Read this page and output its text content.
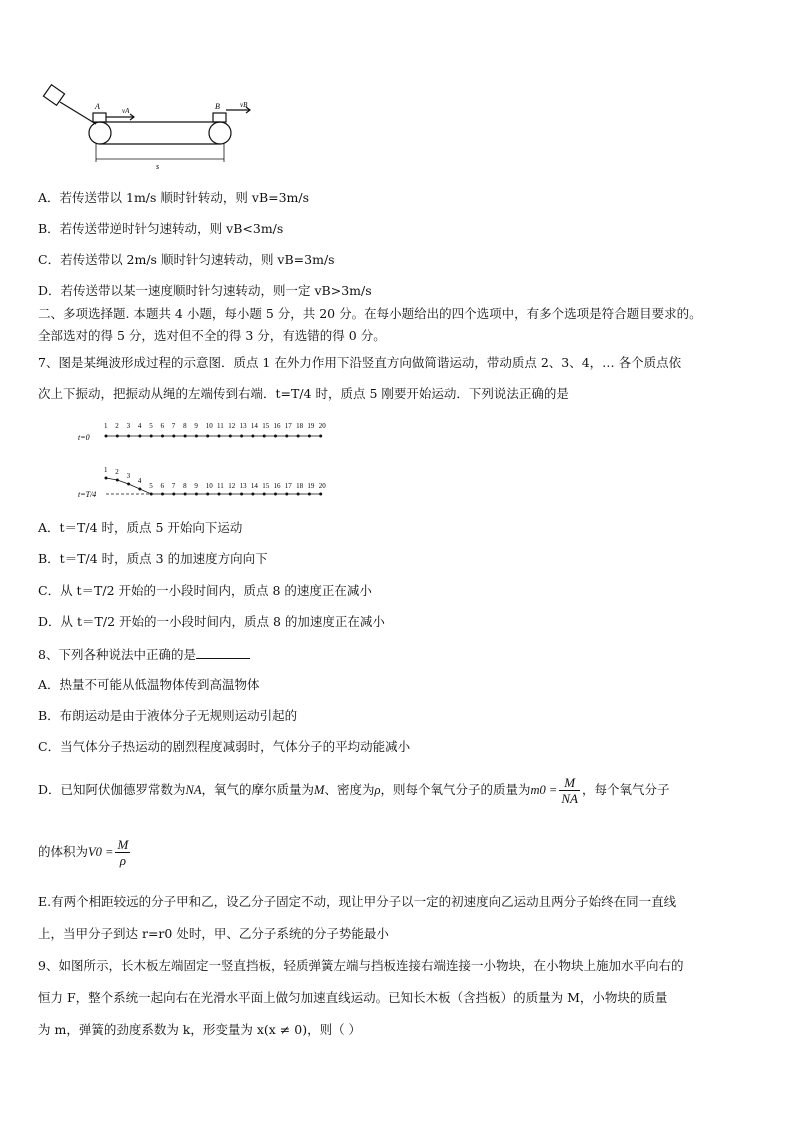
A	vA	B	vB
s
A．若传送带以 1m/s 顺时针转动，则 vB=3m/s
B．若传送带逆时针匀速转动，则 vB<3m/s
C．若传送带以 2m/s 顺时针匀速转动，则 vB=3m/s
D．若传送带以某一速度顺时针匀速转动，则一定 vB>3m/s
二、多项选择题. 本题共 4 小题，每小题 5 分，共 20 分。在每小题给出的四个选项中，有多个选项是符合题目要求的。
全部选对的得 5 分，选对但不全的得 3 分，有选错的得 0 分。
7、图是某绳波形成过程的示意图．质点 1 在外力作用下沿竖直方向做简谐运动，带动质点 2、3、4，… 各个质点依
次上下振动，把振动从绳的左端传到右端．t=T/4 时，质点 5 刚要开始运动．下列说法正确的是
t=0
1 2 3 4 5 6 7 8 9 10 11 12 13 14 15 16 17 18 19 20
t=T/4
1 2 3
4
5 6 7 8 9 10 11 12 13 14 15 16 17 18 19 20
A．t＝T/4 时，质点 5 开始向下运动
B．t＝T/4 时，质点 3 的加速度方向向下
C．从 t＝T/2 开始的一小段时间内，质点 8 的速度正在减小
D．从 t＝T/2 开始的一小段时间内，质点 8 的加速度正在减小
8、下列各种说法中正确的是
A．热量不可能从低温物体传到高温物体
B．布朗运动是由于液体分子无规则运动引起的
C．当气体分子热运动的剧烈程度减弱时，气体分子的平均动能减小
D．已知阿伏伽德罗常数为NA，氧气的摩尔质量为M、密度为ρ，则每个氧气分子的质量为$m0 = \frac{M}{NA}$ ，每个氧气分子
的体积为$V0 = \frac{M}{\rho}$
E.有两个相距较远的分子甲和乙，设乙分子固定不动，现让甲分子以一定的初速度向乙运动且两分子始终在同一直线
上，当甲分子到达 r=r0 处时，甲、乙分子系统的分子势能最小
9、如图所示，长木板左端固定一竖直挡板，轻质弹簧左端与挡板连接右端连接一小物块，在小物块上施加水平向右的
恒力 F，整个系统一起向右在光滑水平面上做匀加速直线运动。已知长木板（含挡板）的质量为 M，小物块的质量
为 m，弹簧的劲度系数为 k，形变量为 x(x ≠ 0)，则（ ）
